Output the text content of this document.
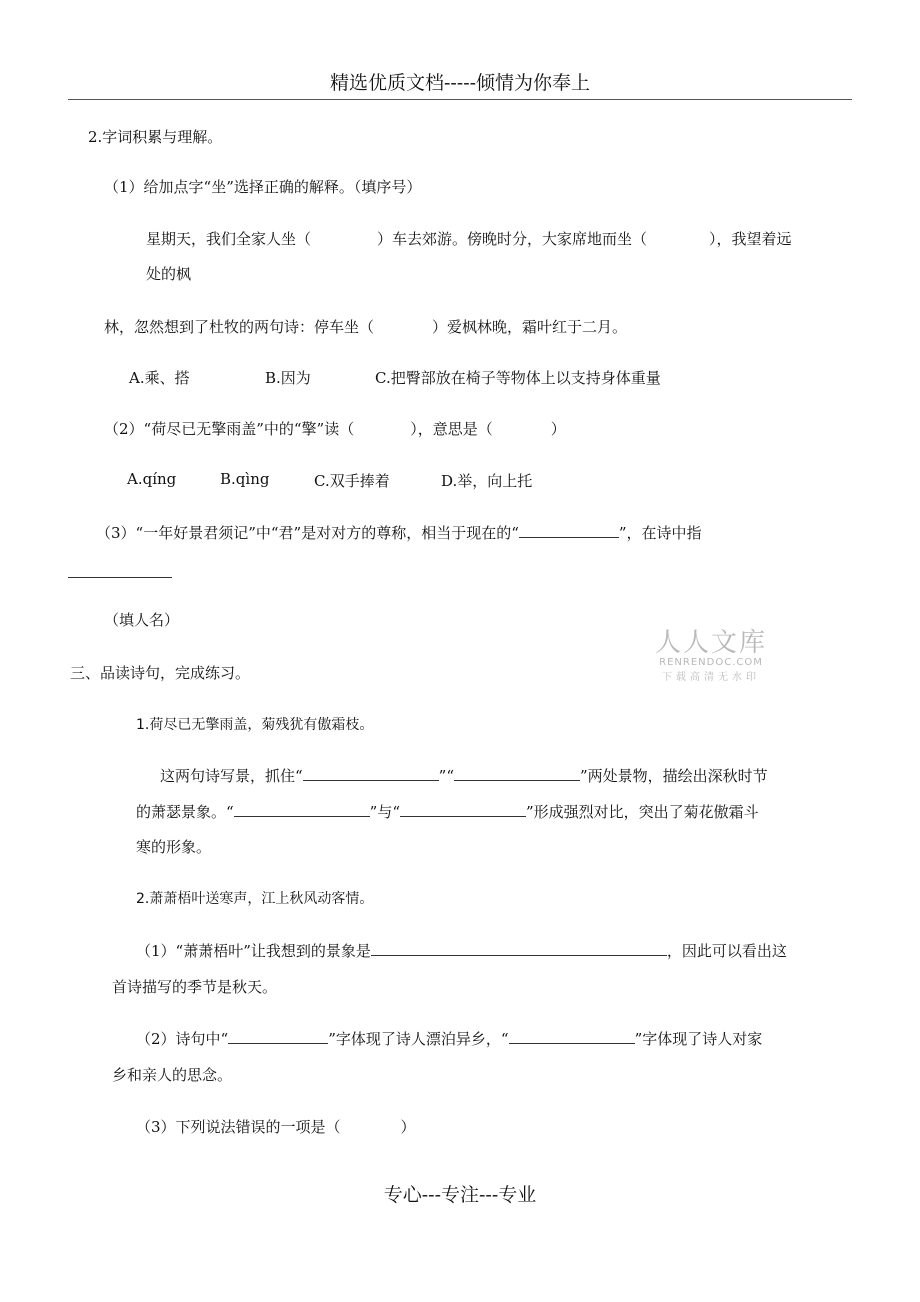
精选优质文档-----倾情为你奉上
2.字词积累与理解。
（1）给加点字“坐”选择正确的解释。（填序号）
星期天，我们全家人坐（	）车去郊游。傍晚时分，大家席地而坐（	），我望着远
处的枫
林，忽然想到了杜牧的两句诗：停车坐（	）爱枫林晚，霜叶红于二月。
A.乘、搭	B.因为	C.把臀部放在椅子等物体上以支持身体重量
（2）“荷尽已无擎雨盖”中的“擎”读（	），意思是（	）
A.qíng	B.qìng	C.双手捧着	D.举，向上托
（3）“一年好景君须记”中“君”是对对方的尊称，相当于现在的“	”，在诗中指
（填人名）
人人文库
RENRENDOC.COM
下载高清无水印
三、品读诗句，完成练习。
1.荷尽已无擎雨盖，菊残犹有傲霜枝。
这两句诗写景，抓住“	”“	”两处景物，描绘出深秋时节
的萧瑟景象。“	”与“	”形成强烈对比，突出了菊花傲霜斗
寒的形象。
2.萧萧梧叶送寒声，江上秋风动客情。
（1）“萧萧梧叶”让我想到的景象是	，因此可以看出这
首诗描写的季节是秋天。
（2）诗句中“	”字体现了诗人漂泊异乡，“	”字体现了诗人对家
乡和亲人的思念。
（3）下列说法错误的一项是（	）
专心---专注---专业
